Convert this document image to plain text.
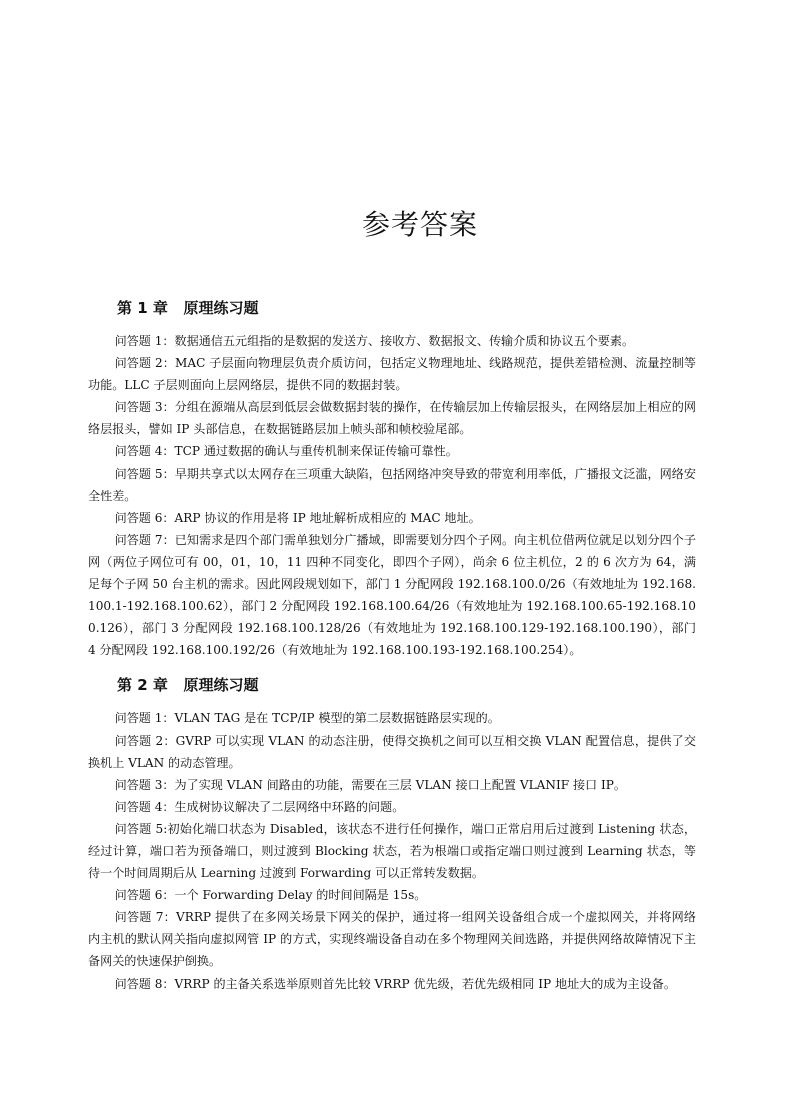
参考答案
第 1 章   原理练习题

问答题 1：数据通信五元组指的是数据的发送方、接收方、数据报文、传输介质和协议五个要素。

问答题 2：MAC 子层面向物理层负责介质访问，包括定义物理地址、线路规范，提供差错检测、流量控制等功能。LLC 子层则面向上层网络层，提供不同的数据封装。

问答题 3：分组在源端从高层到低层会做数据封装的操作，在传输层加上传输层报头，在网络层加上相应的网络层报头，譬如 IP 头部信息，在数据链路层加上帧头部和帧校验尾部。

问答题 4：TCP 通过数据的确认与重传机制来保证传输可靠性。

问答题 5：早期共享式以太网存在三项重大缺陷，包括网络冲突导致的带宽利用率低，广播报文泛滥，网络安全性差。

问答题 6：ARP 协议的作用是将 IP 地址解析成相应的 MAC 地址。

问答题 7：已知需求是四个部门需单独划分广播域，即需要划分四个子网。向主机位借两位就足以划分四个子网（两位子网位可有 00，01，10，11 四种不同变化，即四个子网），尚余 6 位主机位，2 的 6 次方为 64，满足每个子网 50 台主机的需求。因此网段规划如下，部门 1 分配网段 192.168.100.0/26（有效地址为 192.168.100.1-192.168.100.62），部门 2 分配网段 192.168.100.64/26（有效地址为 192.168.100.65-192.168.100.126），部门 3 分配网段 192.168.100.128/26（有效地址为 192.168.100.129-192.168.100.190），部门 4 分配网段 192.168.100.192/26（有效地址为 192.168.100.193-192.168.100.254）。

第 2 章   原理练习题

问答题 1：VLAN TAG 是在 TCP/IP 模型的第二层数据链路层实现的。

问答题 2：GVRP 可以实现 VLAN 的动态注册，使得交换机之间可以互相交换 VLAN 配置信息，提供了交换机上 VLAN 的动态管理。

问答题 3：为了实现 VLAN 间路由的功能，需要在三层 VLAN 接口上配置 VLANIF 接口 IP。

问答题 4：生成树协议解决了二层网络中环路的问题。

问答题 5:初始化端口状态为 Disabled，该状态不进行任何操作，端口正常启用后过渡到 Listening 状态，经过计算，端口若为预备端口，则过渡到 Blocking 状态，若为根端口或指定端口则过渡到 Learning 状态，等待一个时间周期后从 Learning 过渡到 Forwarding 可以正常转发数据。

问答题 6：一个 Forwarding Delay 的时间间隔是 15s。

问答题 7：VRRP 提供了在多网关场景下网关的保护，通过将一组网关设备组合成一个虚拟网关，并将网络内主机的默认网关指向虚拟网管 IP 的方式，实现终端设备自动在多个物理网关间选路，并提供网络故障情况下主备网关的快速保护倒换。

问答题 8：VRRP 的主备关系选举原则首先比较 VRRP 优先级，若优先级相同 IP 地址大的成为主设备。
